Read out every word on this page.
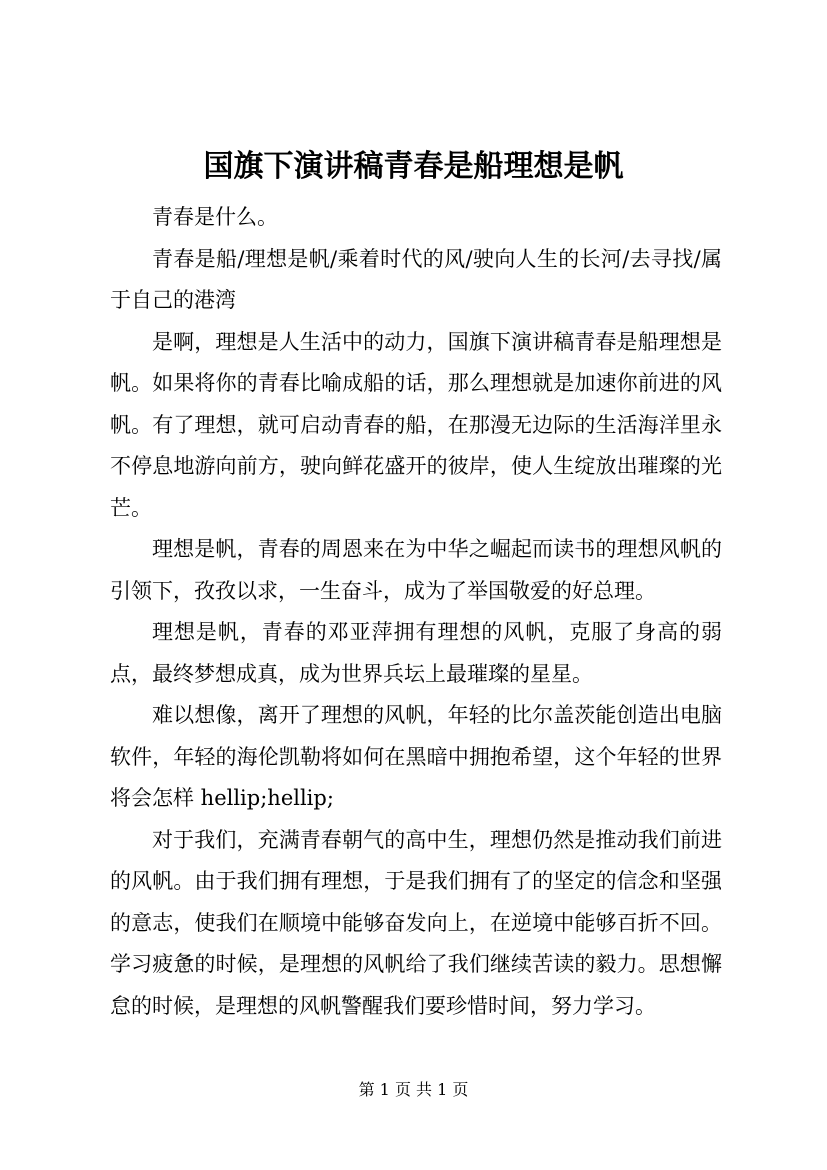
国旗下演讲稿青春是船理想是帆

青春是什么。

青春是船/理想是帆/乘着时代的风/驶向人生的长河/去寻找/属于自己的港湾

是啊，理想是人生活中的动力，国旗下演讲稿青春是船理想是帆。如果将你的青春比喻成船的话，那么理想就是加速你前进的风帆。有了理想，就可启动青春的船，在那漫无边际的生活海洋里永不停息地游向前方，驶向鲜花盛开的彼岸，使人生绽放出璀璨的光芒。

理想是帆，青春的周恩来在为中华之崛起而读书的理想风帆的引领下，孜孜以求，一生奋斗，成为了举国敬爱的好总理。

理想是帆，青春的邓亚萍拥有理想的风帆，克服了身高的弱点，最终梦想成真，成为世界兵坛上最璀璨的星星。

难以想像，离开了理想的风帆，年轻的比尔盖茨能创造出电脑软件，年轻的海伦凯勒将如何在黑暗中拥抱希望，这个年轻的世界将会怎样 hellip;hellip;

对于我们，充满青春朝气的高中生，理想仍然是推动我们前进的风帆。由于我们拥有理想，于是我们拥有了的坚定的信念和坚强的意志，使我们在顺境中能够奋发向上，在逆境中能够百折不回。学习疲惫的时候，是理想的风帆给了我们继续苦读的毅力。思想懈怠的时候，是理想的风帆警醒我们要珍惜时间，努力学习。

第 1 页 共 1 页
